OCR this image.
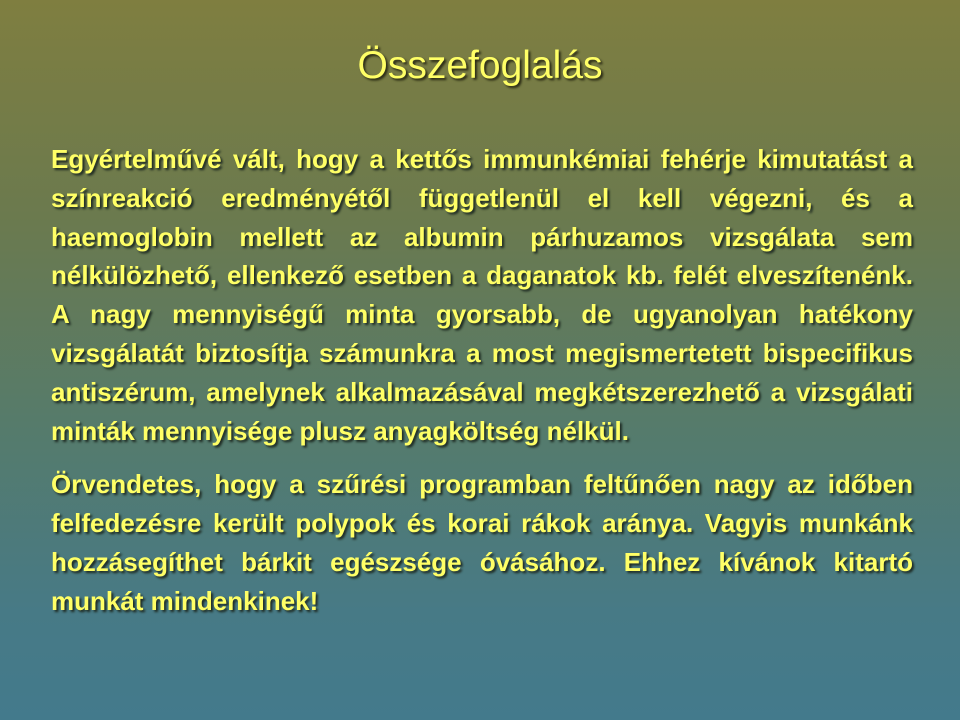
Összefoglalás

Egyértelművé vált, hogy a kettős immunkémiai fehérje kimutatást a színreakció eredményétől függetlenül el kell végezni, és a haemoglobin mellett az albumin párhuzamos vizsgálata sem nélkülözhető, ellenkező esetben a daganatok kb. felét elveszítenénk. A nagy mennyiségű minta gyorsabb, de ugyanolyan hatékony vizsgálatát biztosítja számunkra a most megismertetett bispecifikus antiszérum, amelynek alkalmazásával megkétszerezhető a vizsgálati minták mennyisége plusz anyagköltség nélkül.

Örvendetes, hogy a szűrési programban feltűnően nagy az időben felfedezésre került polypok és korai rákok aránya. Vagyis munkánk hozzásegíthet bárkit egészsége óvásához. Ehhez kívánok kitartó munkát mindenkinek!
